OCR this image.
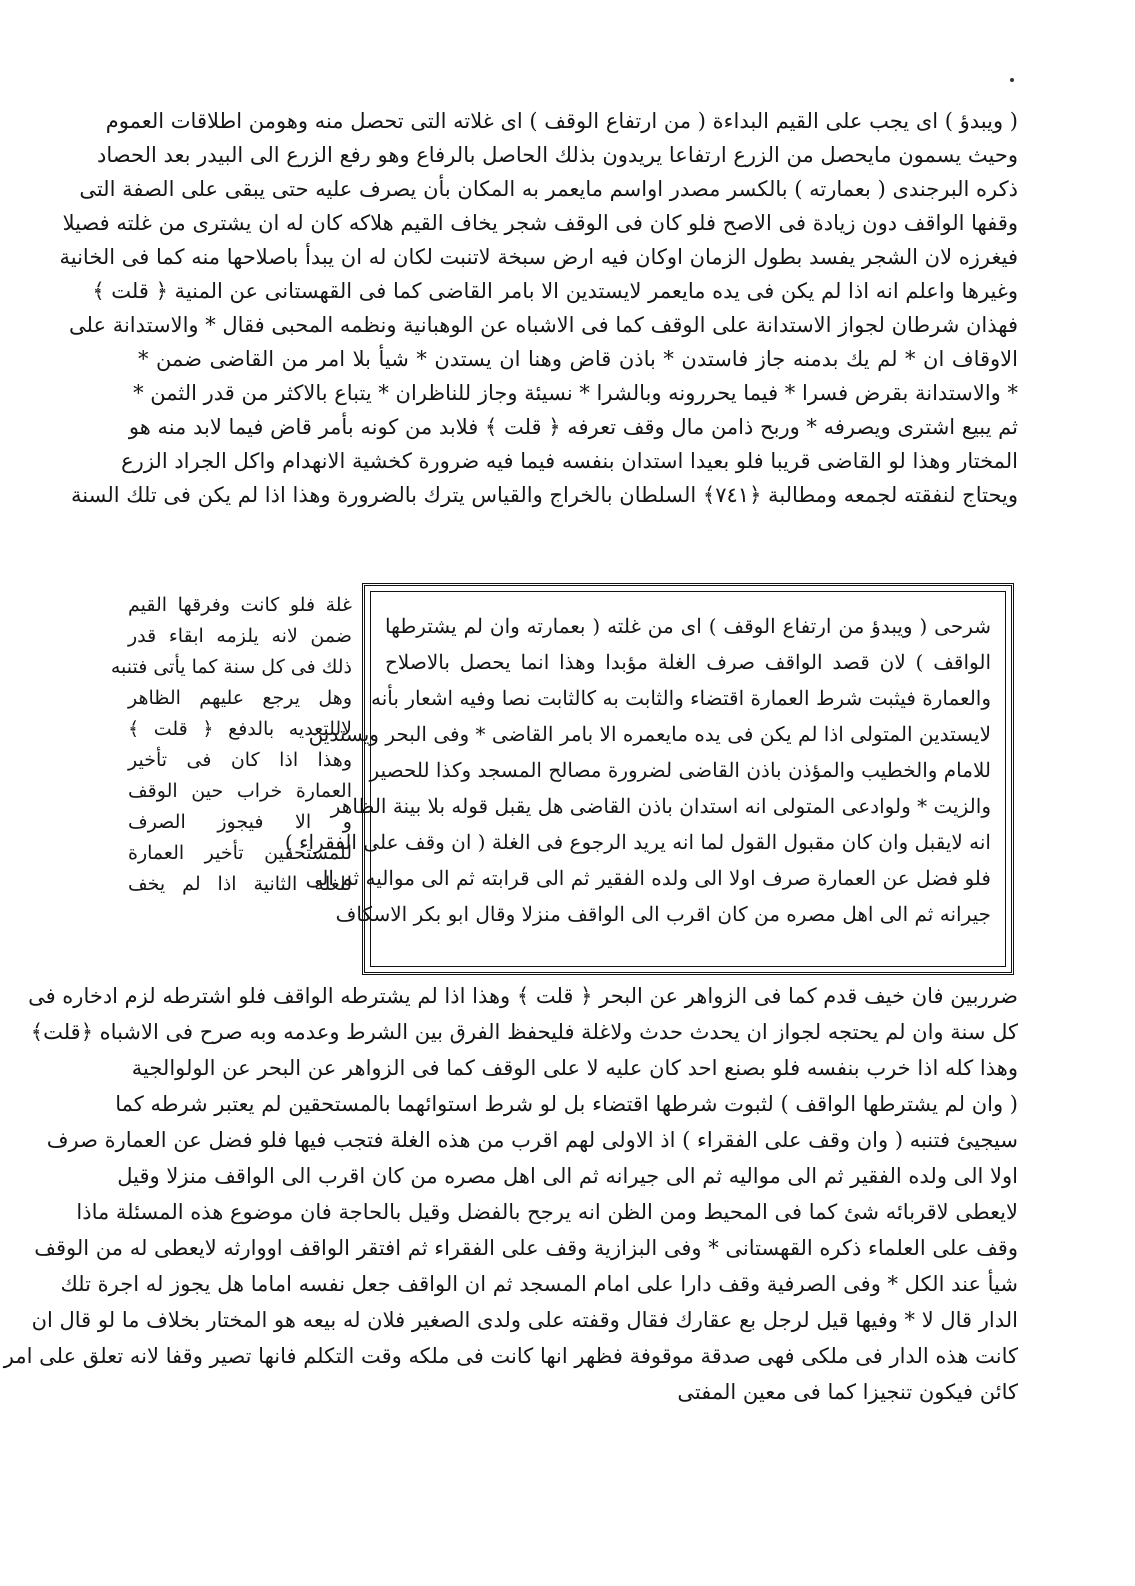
( ويبدؤ ) اى يجب على القيم البداءة ( من ارتفاع الوقف ) اى غلاته التى تحصل منه وهومن اطلاقات العموم
وحيث يسمون مايحصل من الزرع ارتفاعا يريدون بذلك الحاصل بالرفاع وهو رفع الزرع الى البيدر بعد الحصاد
ذكره البرجندى ( بعمارته ) بالكسر مصدر اواسم مايعمر به المكان بأن يصرف عليه حتى يبقى على الصفة التى
وقفها الواقف دون زيادة فى الاصح فلو كان فى الوقف شجر يخاف القيم هلاكه كان له ان يشترى من غلته فصيلا
فيغرزه لان الشجر يفسد بطول الزمان اوكان فيه ارض سبخة لاتنبت لكان له ان يبدأ باصلاحها منه كما فى الخانية
وغيرها واعلم انه اذا لم يكن فى يده مايعمر لايستدين الا بامر القاضى كما فى القهستانى عن المنية ﴿ قلت ﴾
فهذان شرطان لجواز الاستدانة على الوقف كما فى الاشباه عن الوهبانية ونظمه المحبى فقال * والاستدانة على
الاوقاف ان * لم يك بدمنه جاز فاستدن * باذن قاض وهنا ان يستدن * شيأ بلا امر من القاضى ضمن *
* والاستدانة بقرض فسرا * فيما يحررونه وبالشرا * نسيئة وجاز للناظران * يتباع بالاكثر من قدر الثمن *
ثم يبيع اشترى ويصرفه * وربح ذامن مال وقف تعرفه ﴿ قلت ﴾ فلابد من كونه بأمر قاض فيما لابد منه هو
المختار وهذا لو القاضى قريبا فلو بعيدا استدان بنفسه فيما فيه ضرورة كخشية الانهدام واكل الجراد الزرع
ويحتاج لنفقته لجمعه ومطالبة ﴿٧٤١﴾ السلطان بالخراج والقياس يترك بالضرورة وهذا اذا لم يكن فى تلك السنة
شرحى ( ويبدؤ من ارتفاع الوقف ) اى من غلته ( بعمارته وان لم يشترطها
الواقف ) لان قصد الواقف صرف الغلة مؤبدا وهذا انما يحصل بالاصلاح
والعمارة فيثبت شرط العمارة اقتضاء والثابت به كالثابت نصا وفيه اشعار بأنه
لايستدين المتولى اذا لم يكن فى يده مايعمره الا بامر القاضى * وفى البحر ويستدين
للامام والخطيب والمؤذن باذن القاضى لضرورة مصالح المسجد وكذا للحصير
والزيت * ولوادعى المتولى انه استدان باذن القاضى هل يقبل قوله بلا بينة الظاهر
انه لايقبل وان كان مقبول القول لما انه يريد الرجوع فى الغلة ( ان وقف على الفقراء )
فلو فضل عن العمارة صرف اولا الى ولده الفقير ثم الى قرابته ثم الى مواليه ثم الى
جيرانه ثم الى اهل مصره من كان اقرب الى الواقف منزلا وقال ابو بكر الاسكاف
غلة فلو كانت وفرقها القيم
ضمن لانه يلزمه ابقاء قدر
ذلك فى كل سنة كما يأتى فتنبه
وهل يرجع عليهم الظاهر
لاللتعديه بالدفع ﴿ قلت ﴾
وهذا اذا كان فى تأخير
العمارة خراب حين الوقف
و الا فيجوز الصرف
للمستحقين تأخير العمارة
للغلة الثانية اذا لم يخف
ضرربين فان خيف قدم كما فى الزواهر عن البحر ﴿ قلت ﴾ وهذا اذا لم يشترطه الواقف فلو اشترطه لزم ادخاره فى
كل سنة وان لم يحتجه لجواز ان يحدث حدث ولاغلة فليحفظ الفرق بين الشرط وعدمه وبه صرح فى الاشباه ﴿قلت﴾
وهذا كله اذا خرب بنفسه فلو بصنع احد كان عليه لا على الوقف كما فى الزواهر عن البحر عن الولوالجية
( وان لم يشترطها الواقف ) لثبوت شرطها اقتضاء بل لو شرط استوائهما بالمستحقين لم يعتبر شرطه كما
سيجيئ فتنبه ( وان وقف على الفقراء ) اذ الاولى لهم اقرب من هذه الغلة فتجب فيها فلو فضل عن العمارة صرف
اولا الى ولده الفقير ثم الى مواليه ثم الى جيرانه ثم الى اهل مصره من كان اقرب الى الواقف منزلا وقيل
لايعطى لاقربائه شئ كما فى المحيط ومن الظن انه يرجح بالفضل وقيل بالحاجة فان موضوع هذه المسئلة ماذا
وقف على العلماء ذكره القهستانى * وفى البزازية وقف على الفقراء ثم افتقر الواقف اووارثه لايعطى له من الوقف
شيأ عند الكل * وفى الصرفية وقف دارا على امام المسجد ثم ان الواقف جعل نفسه اماما هل يجوز له اجرة تلك
الدار قال لا * وفيها قيل لرجل بع عقارك فقال وقفته على ولدى الصغير فلان له بيعه هو المختار بخلاف ما لو قال ان
كانت هذه الدار فى ملكى فهى صدقة موقوفة فظهر انها كانت فى ملكه وقت التكلم فانها تصير وقفا لانه تعلق على امر
كائن فيكون تنجيزا كما فى معين المفتى
